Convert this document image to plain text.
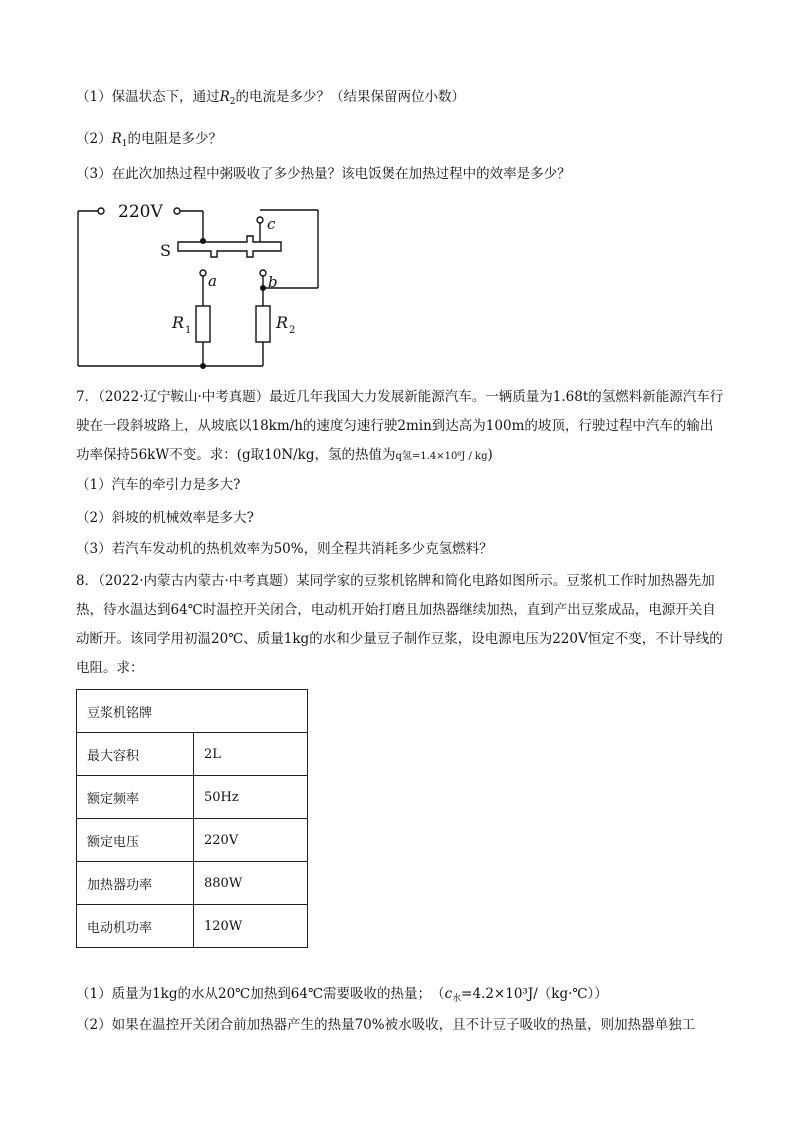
（1）保温状态下，通过$R_2$的电流是多少？（结果保留两位小数）
$(2)R_1$的电阻是多少？
（3）在此次加热过程中粥吸收了多少热量？该电饭煲在加热过程中的效率是多少？
220V
S
c
a	b
R 1	R 2
7．（2022·辽宁鞍山·中考真题）最近几年我国大力发展新能源汽车。一辆质量为1.68t的氢燃料新能源汽车行驶在一段斜坡路上，从坡底以18km/h的速度匀速行驶2min到达高为100m的坡顶，行驶过程中汽车的输出功率保持56kW不变。求：(g取10N/kg，氢的热值为q氢=1.4×10⁸J / kg)
（1）汽车的牵引力是多大?
（2）斜坡的机械效率是多大?
（3）若汽车发动机的热机效率为50%，则全程共消耗多少克氢燃料？
8．（2022·内蒙古内蒙古·中考真题）某同学家的豆浆机铭牌和简化电路如图所示。豆浆机工作时加热器先加热，待水温达到64℃时温控开关闭合，电动机开始打磨且加热器继续加热，直到产出豆浆成品，电源开关自动断开。该同学用初温20℃、质量1kg的水和少量豆子制作豆浆，设电源电压为220V恒定不变，不计导线的电阻。求：
豆浆机铭牌	
最大容积	2L
额定频率	50Hz
额定电压	220V
加热器功率	880W
电动机功率	120W
（1）质量为1kg的水从20℃加热到64℃需要吸收的热量；　$(c_水=4.2\times 10^3J/(kg\cdot℃))$
（2）如果在温控开关闭合前加热器产生的热量70%被水吸收，且不计豆子吸收的热量，则加热器单独工
